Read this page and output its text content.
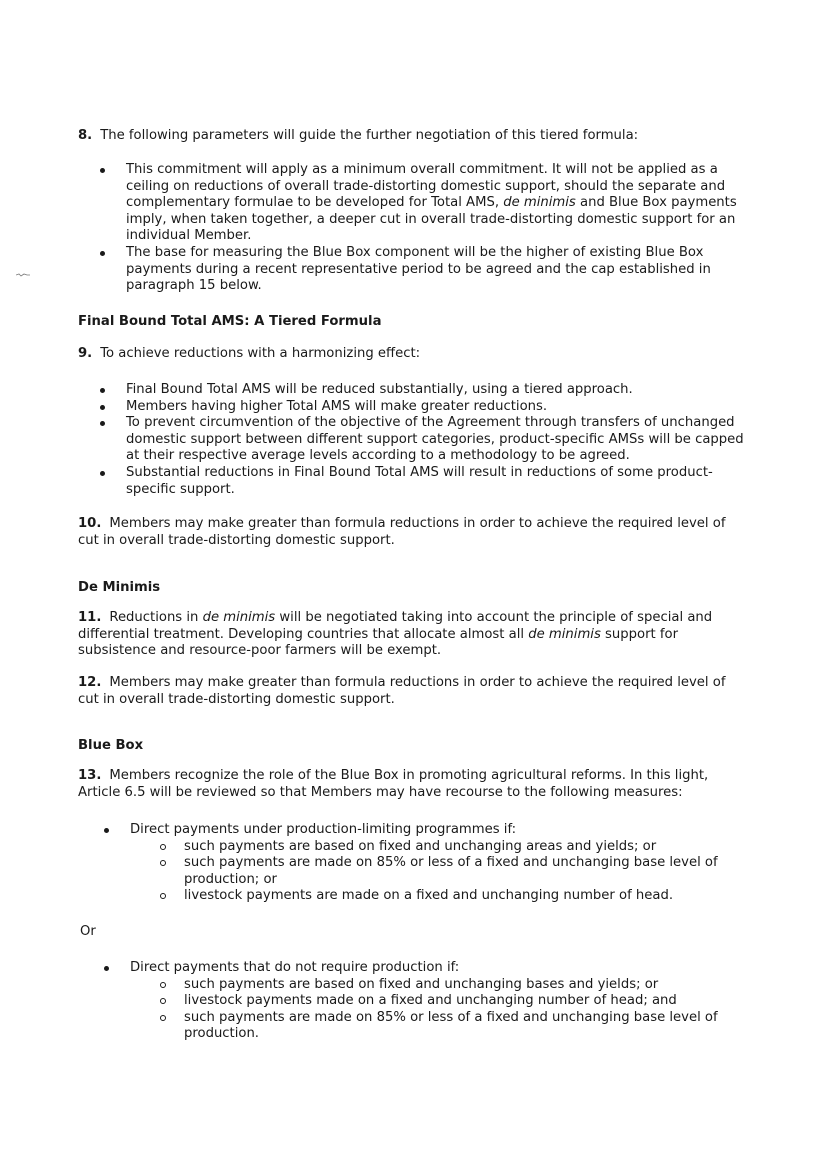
8. The following parameters will guide the further negotiation of this tiered formula:
This commitment will apply as a minimum overall commitment. It will not be applied as a ceiling on reductions of overall trade-distorting domestic support, should the separate and complementary formulae to be developed for Total AMS, de minimis and Blue Box payments imply, when taken together, a deeper cut in overall trade-distorting domestic support for an individual Member.
The base for measuring the Blue Box component will be the higher of existing Blue Box payments during a recent representative period to be agreed and the cap established in paragraph 15 below.
Final Bound Total AMS: A Tiered Formula
9. To achieve reductions with a harmonizing effect:
Final Bound Total AMS will be reduced substantially, using a tiered approach.
Members having higher Total AMS will make greater reductions.
To prevent circumvention of the objective of the Agreement through transfers of unchanged domestic support between different support categories, product-specific AMSs will be capped at their respective average levels according to a methodology to be agreed.
Substantial reductions in Final Bound Total AMS will result in reductions of some product-specific support.
10. Members may make greater than formula reductions in order to achieve the required level of cut in overall trade-distorting domestic support.
De Minimis
11. Reductions in de minimis will be negotiated taking into account the principle of special and differential treatment. Developing countries that allocate almost all de minimis support for subsistence and resource-poor farmers will be exempt.
12. Members may make greater than formula reductions in order to achieve the required level of cut in overall trade-distorting domestic support.
Blue Box
13. Members recognize the role of the Blue Box in promoting agricultural reforms. In this light, Article 6.5 will be reviewed so that Members may have recourse to the following measures:
Direct payments under production-limiting programmes if:
such payments are based on fixed and unchanging areas and yields; or
such payments are made on 85% or less of a fixed and unchanging base level of production; or
livestock payments are made on a fixed and unchanging number of head.
Or
Direct payments that do not require production if:
such payments are based on fixed and unchanging bases and yields; or
livestock payments made on a fixed and unchanging number of head; and
such payments are made on 85% or less of a fixed and unchanging base level of production.
